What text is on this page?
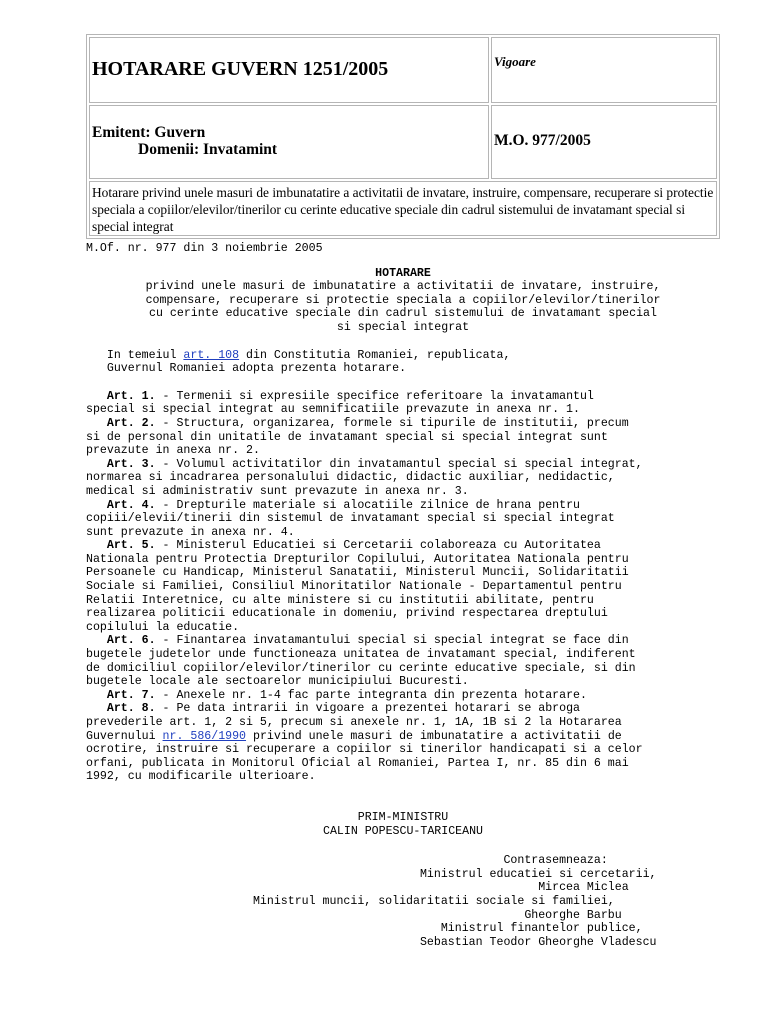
HOTARARE GUVERN 1251/2005	Vigoare

Emitent: Guvern
Domenii: Invatamint	M.O. 977/2005
Hotarare privind unele masuri de imbunatatire a activitatii de invatare, instruire, compensare, recuperare si protectie speciala a copiilor/elevilor/tinerilor cu cerinte educative speciale din cadrul sistemului de invatamant special si special integrat	
M.Of. nr. 977 din 3 noiembrie 2005
HOTARARE
privind unele masuri de imbunatatire a activitatii de invatare, instruire,
compensare, recuperare si protectie speciala a copiilor/elevilor/tinerilor
cu cerinte educative speciale din cadrul sistemului de invatamant special
si special integrat
In temeiul art. 108 din Constitutia Romaniei, republicata,
Guvernul Romaniei adopta prezenta hotarare.
Art. 1. - Termenii si expresiile specifice referitoare la invatamantul
special si special integrat au semnificatiile prevazute in anexa nr. 1.
Art. 2. - Structura, organizarea, formele si tipurile de institutii, precum
si de personal din unitatile de invatamant special si special integrat sunt
prevazute in anexa nr. 2.
Art. 3. - Volumul activitatilor din invatamantul special si special integrat,
normarea si incadrarea personalului didactic, didactic auxiliar, nedidactic,
medical si administrativ sunt prevazute in anexa nr. 3.
Art. 4. - Drepturile materiale si alocatiile zilnice de hrana pentru
copiii/elevii/tinerii din sistemul de invatamant special si special integrat
sunt prevazute in anexa nr. 4.
Art. 5. - Ministerul Educatiei si Cercetarii colaboreaza cu Autoritatea
Nationala pentru Protectia Drepturilor Copilului, Autoritatea Nationala pentru
Persoanele cu Handicap, Ministerul Sanatatii, Ministerul Muncii, Solidaritatii
Sociale si Familiei, Consiliul Minoritatilor Nationale - Departamentul pentru
Relatii Interetnice, cu alte ministere si cu institutii abilitate, pentru
realizarea politicii educationale in domeniu, privind respectarea dreptului
copilului la educatie.
Art. 6. - Finantarea invatamantului special si special integrat se face din
bugetele judetelor unde functioneaza unitatea de invatamant special, indiferent
de domiciliul copiilor/elevilor/tinerilor cu cerinte educative speciale, si din
bugetele locale ale sectoarelor municipiului Bucuresti.
Art. 7. - Anexele nr. 1-4 fac parte integranta din prezenta hotarare.
Art. 8. - Pe data intrarii in vigoare a prezentei hotarari se abroga
prevederile art. 1, 2 si 5, precum si anexele nr. 1, 1A, 1B si 2 la Hotararea
Guvernului nr. 586/1990 privind unele masuri de imbunatatire a activitatii de
ocrotire, instruire si recuperare a copiilor si tinerilor handicapati si a celor
orfani, publicata in Monitorul Oficial al Romaniei, Partea I, nr. 85 din 6 mai
1992, cu modificarile ulterioare.
PRIM-MINISTRU
CALIN POPESCU-TARICEANU
Contrasemneaza:
Ministrul educatiei si cercetarii,
Mircea Miclea
Ministrul muncii, solidaritatii sociale si familiei,
Gheorghe Barbu
Ministrul finantelor publice,
Sebastian Teodor Gheorghe Vladescu
